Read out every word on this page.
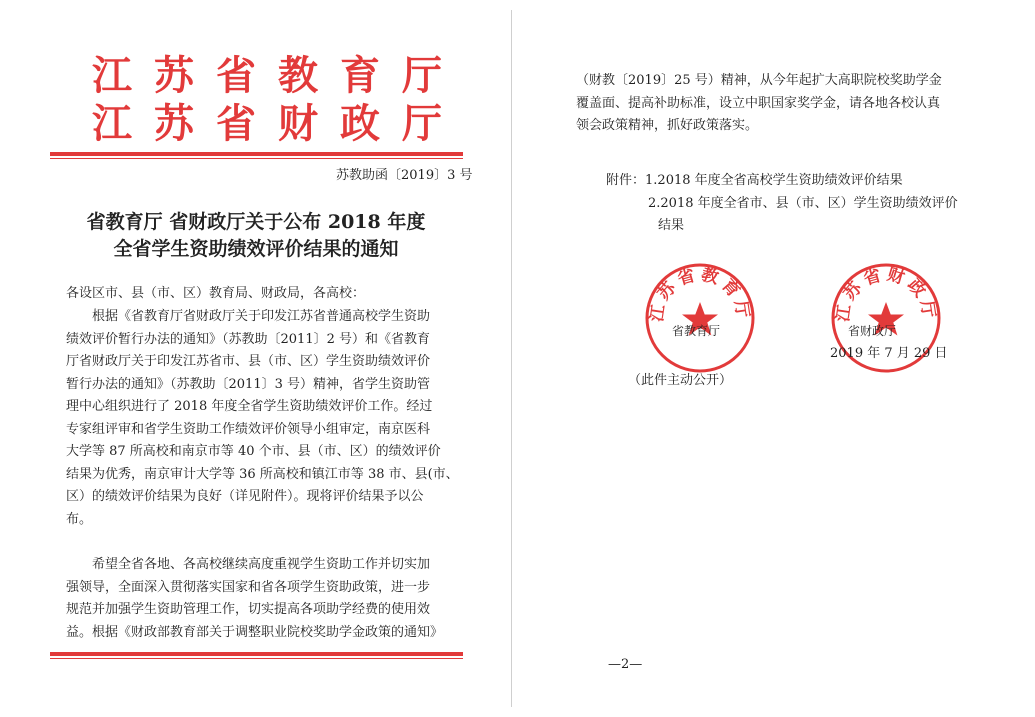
江苏省教育厅
江苏省财政厅
苏教助函〔2019〕3 号
省教育厅 省财政厅关于公布 2018 年度
全省学生资助绩效评价结果的通知
各设区市、县（市、区）教育局、财政局，各高校：
根据《省教育厅省财政厅关于印发江苏省普通高校学生资助
绩效评价暂行办法的通知》（苏教助〔2011〕2 号）和《省教育
厅省财政厅关于印发江苏省市、县（市、区）学生资助绩效评价
暂行办法的通知》（苏教助〔2011〕3 号）精神，省学生资助管
理中心组织进行了 2018 年度全省学生资助绩效评价工作。经过
专家组评审和省学生资助工作绩效评价领导小组审定，南京医科
大学等 87 所高校和南京市等 40 个市、县（市、区）的绩效评价
结果为优秀，南京审计大学等 36 所高校和镇江市等 38 市、县(市、
区）的绩效评价结果为良好（详见附件）。现将评价结果予以公
布。
希望全省各地、各高校继续高度重视学生资助工作并切实加
强领导，全面深入贯彻落实国家和省各项学生资助政策，进一步
规范并加强学生资助管理工作，切实提高各项助学经费的使用效
益。根据《财政部教育部关于调整职业院校奖助学金政策的通知》
（财教〔2019〕25 号）精神，从今年起扩大高职院校奖助学金
覆盖面、提高补助标准，设立中职国家奖学金，请各地各校认真
领会政策精神，抓好政策落实。
附件：1.2018 年度全省高校学生资助绩效评价结果
2.2018 年度全省市、县（市、区）学生资助绩效评价
结果
江苏省教育厅	江苏省财政厅
省教育厅	省财政厅
2019 年 7 月 29 日
（此件主动公开）
—2—
